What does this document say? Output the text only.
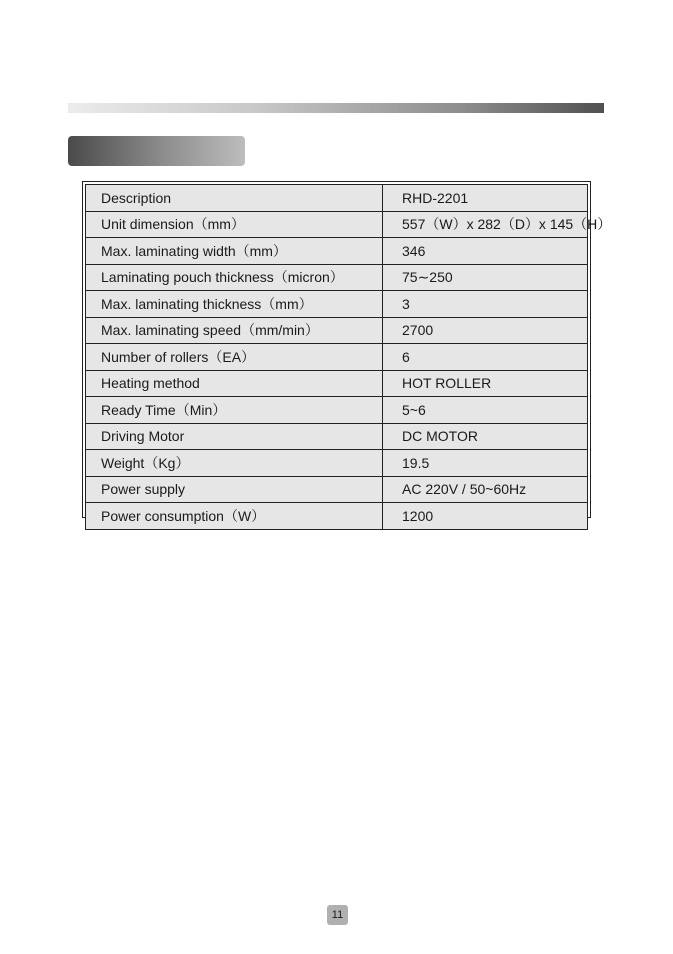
Description	RHD-2201
Unit dimension（mm）	557（W）x 282（D）x 145（H）
Max. laminating width（mm）	346
Laminating pouch thickness（micron）	75∼250
Max. laminating thickness（mm）	3
Max. laminating speed（mm/min）	2700
Number of rollers（EA）	6
Heating method	HOT ROLLER
Ready Time（Min）	5~6
Driving Motor	DC MOTOR
Weight（Kg）	19.5
Power supply	AC 220V / 50~60Hz
Power consumption（W）	1200
11
